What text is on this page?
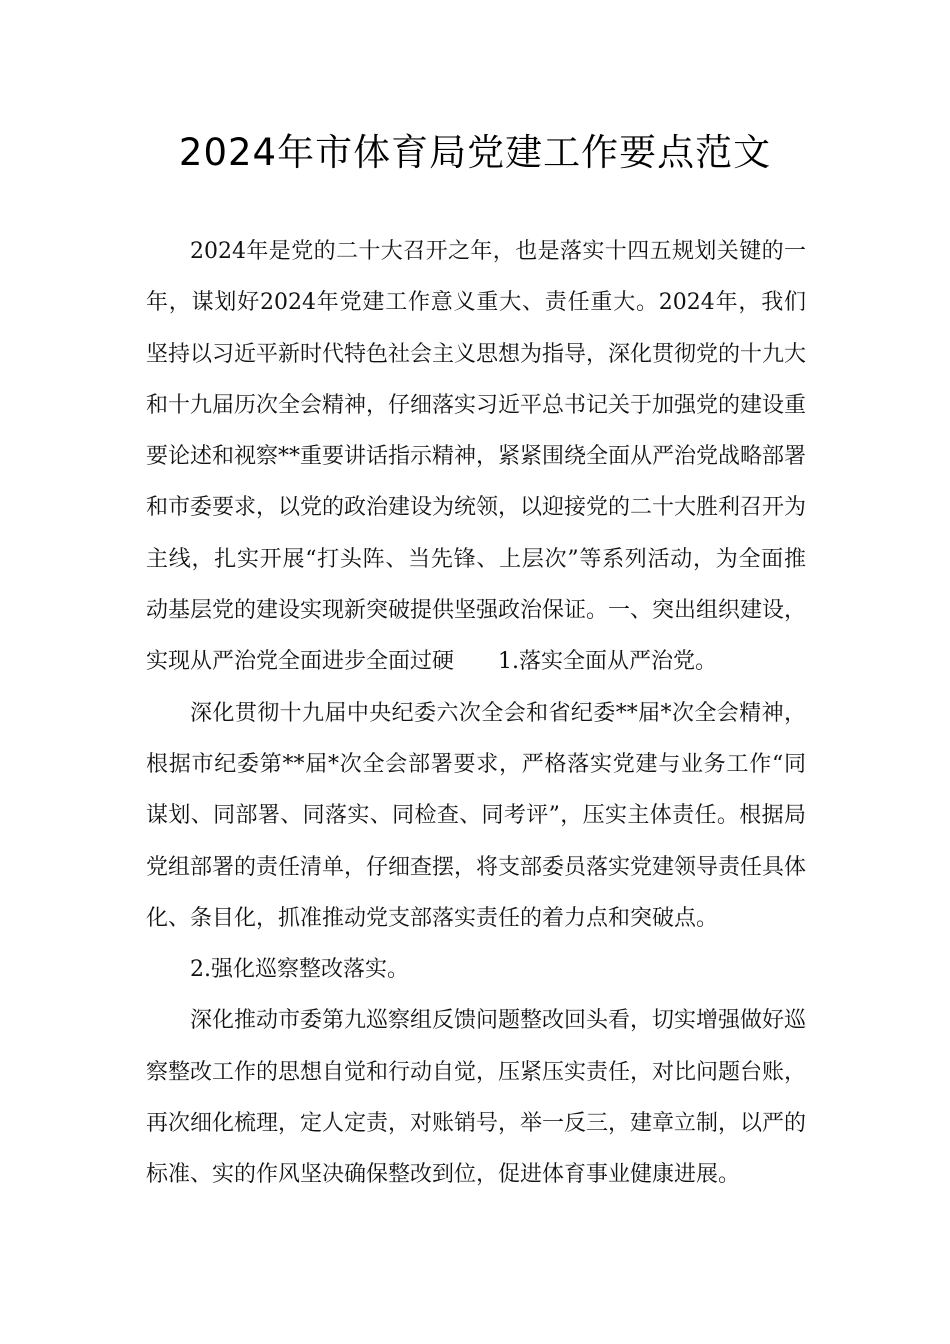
2024年市体育局党建工作要点范文

2024年是党的二十大召开之年，也是落实十四五规划关键的一年，谋划好2024年党建工作意义重大、责任重大。2024年，我们坚持以习近平新时代特色社会主义思想为指导，深化贯彻党的十九大和十九届历次全会精神，仔细落实习近平总书记关于加强党的建设重要论述和视察**重要讲话指示精神，紧紧围绕全面从严治党战略部署和市委要求，以党的政治建设为统领，以迎接党的二十大胜利召开为主线，扎实开展“打头阵、当先锋、上层次”等系列活动，为全面推动基层党的建设实现新突破提供坚强政治保证。一、突出组织建设，实现从严治党全面进步全面过硬　　1.落实全面从严治党。

深化贯彻十九届中央纪委六次全会和省纪委**届*次全会精神，根据市纪委第**届*次全会部署要求，严格落实党建与业务工作“同谋划、同部署、同落实、同检查、同考评”，压实主体责任。根据局党组部署的责任清单，仔细查摆，将支部委员落实党建领导责任具体化、条目化，抓准推动党支部落实责任的着力点和突破点。

2.强化巡察整改落实。

深化推动市委第九巡察组反馈问题整改回头看，切实增强做好巡察整改工作的思想自觉和行动自觉，压紧压实责任，对比问题台账，再次细化梳理，定人定责，对账销号，举一反三，建章立制，以严的标准、实的作风坚决确保整改到位，促进体育事业健康进展。
